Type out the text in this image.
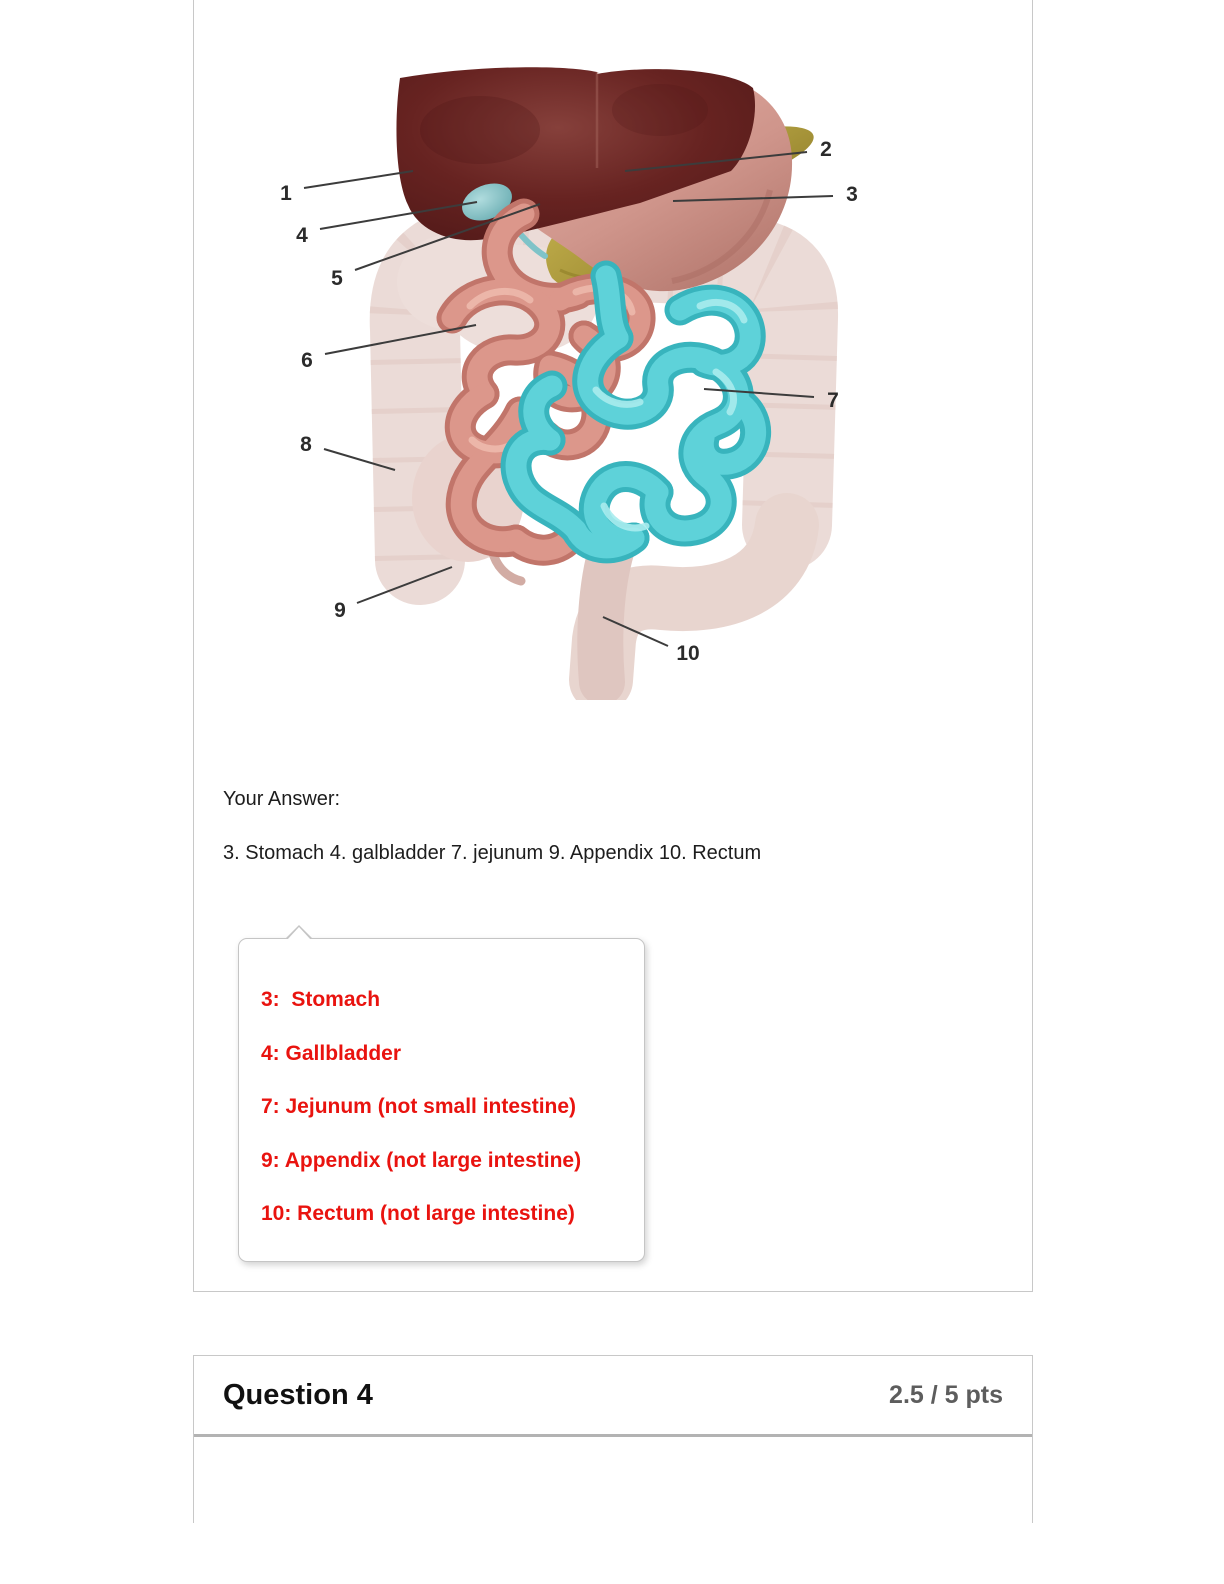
1
2
3
4
5
6
7
8
9
10
Your Answer:
3. Stomach 4. galbladder 7. jejunum 9. Appendix 10. Rectum
3:  Stomach
4: Gallbladder
7: Jejunum (not small intestine)
9: Appendix (not large intestine)
10: Rectum (not large intestine)
Question 4	2.5 / 5 pts
